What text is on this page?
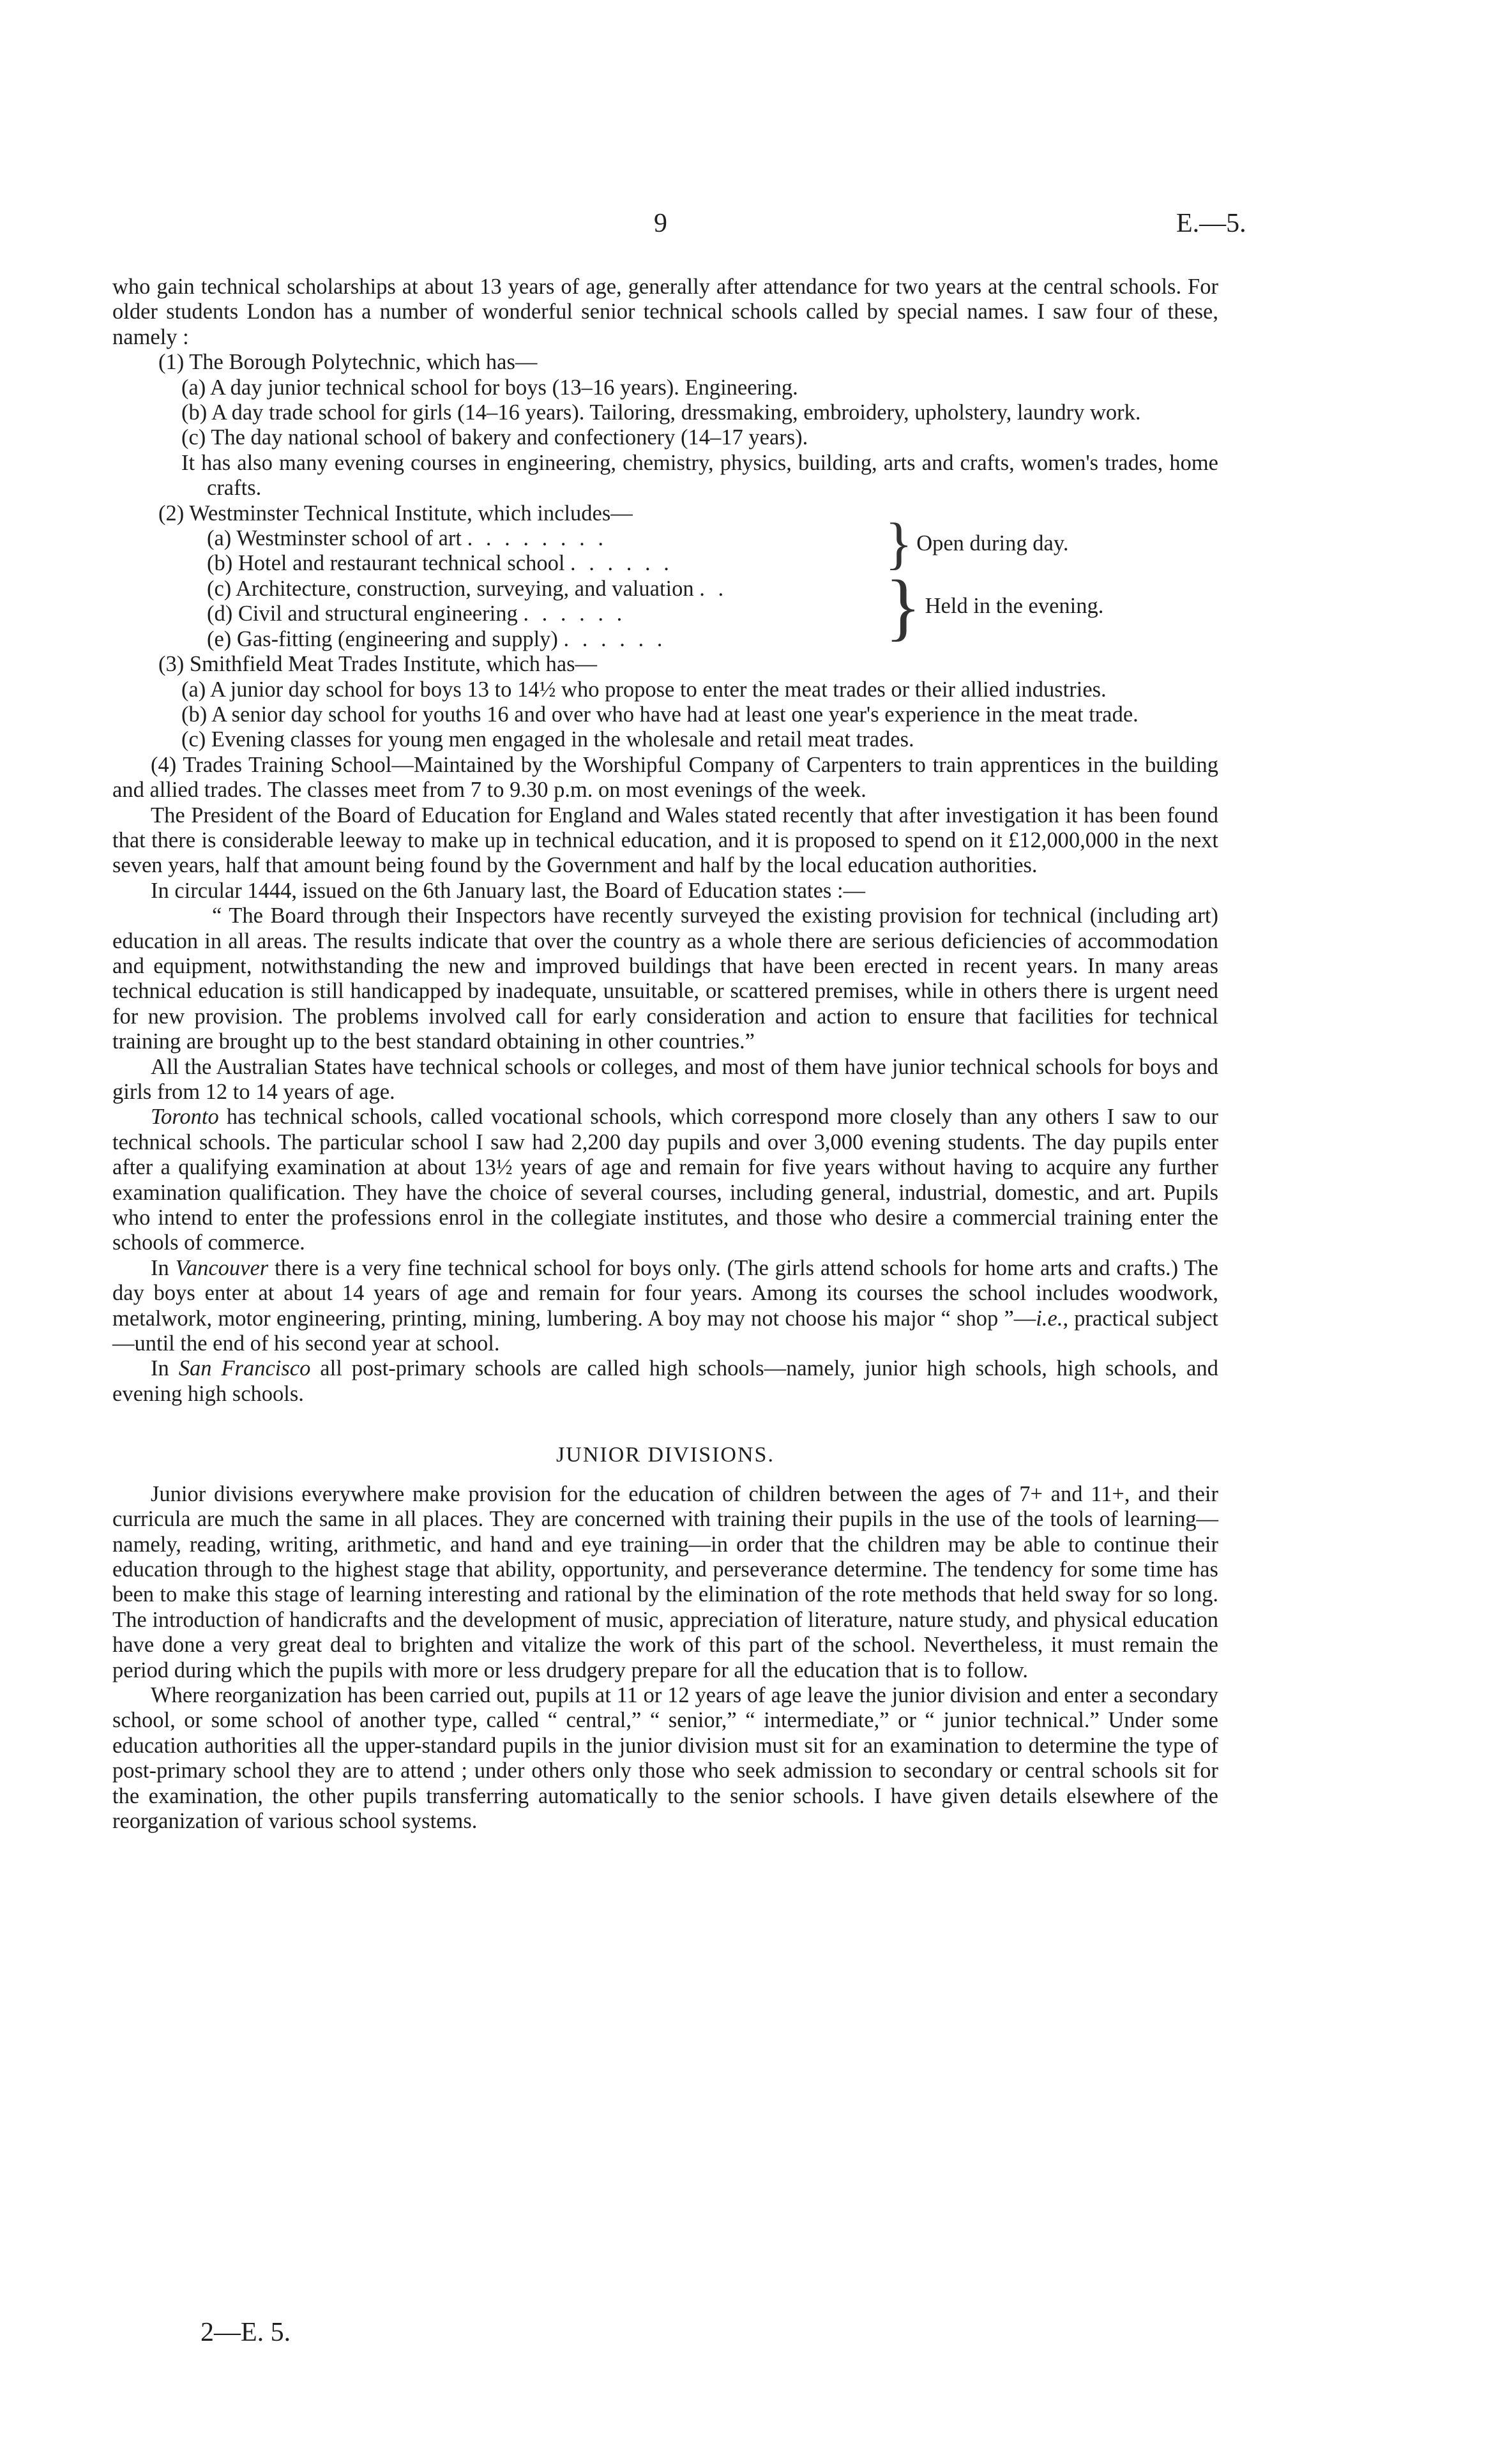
9	E.—5.

who gain technical scholarships at about 13 years of age, generally after attendance for two years at the central schools. For older students London has a number of wonderful senior technical schools called by special names. I saw four of these, namely :

(1) The Borough Polytechnic, which has—

(a) A day junior technical school for boys (13–16 years). Engineering.

(b) A day trade school for girls (14–16 years). Tailoring, dressmaking, embroidery, upholstery, laundry work.

(c) The day national school of bakery and confectionery (14–17 years).

It has also many evening courses in engineering, chemistry, physics, building, arts and crafts, women's trades, home crafts.

(2) Westminster Technical Institute, which includes—

(a) Westminster school of art . . . . . . . .
(b) Hotel and restaurant technical school . . . . . .
(c) Architecture, construction, surveying, and valuation . .
(d) Civil and structural engineering . . . . . .
(e) Gas-fitting (engineering and supply) . . . . . .
} Open during day.
} Held in the evening.

(3) Smithfield Meat Trades Institute, which has—

(a) A junior day school for boys 13 to 14½ who propose to enter the meat trades or their allied industries.

(b) A senior day school for youths 16 and over who have had at least one year's experience in the meat trade.

(c) Evening classes for young men engaged in the wholesale and retail meat trades.

(4) Trades Training School—Maintained by the Worshipful Company of Carpenters to train apprentices in the building and allied trades. The classes meet from 7 to 9.30 p.m. on most evenings of the week.

The President of the Board of Education for England and Wales stated recently that after investigation it has been found that there is considerable leeway to make up in technical education, and it is proposed to spend on it £12,000,000 in the next seven years, half that amount being found by the Government and half by the local education authorities.

In circular 1444, issued on the 6th January last, the Board of Education states :—

“ The Board through their Inspectors have recently surveyed the existing provision for technical (including art) education in all areas. The results indicate that over the country as a whole there are serious deficiencies of accommodation and equipment, notwithstanding the new and improved buildings that have been erected in recent years. In many areas technical education is still handicapped by inadequate, unsuitable, or scattered premises, while in others there is urgent need for new provision. The problems involved call for early consideration and action to ensure that facilities for technical training are brought up to the best standard obtaining in other countries.”

All the Australian States have technical schools or colleges, and most of them have junior technical schools for boys and girls from 12 to 14 years of age.

Toronto has technical schools, called vocational schools, which correspond more closely than any others I saw to our technical schools. The particular school I saw had 2,200 day pupils and over 3,000 evening students. The day pupils enter after a qualifying examination at about 13½ years of age and remain for five years without having to acquire any further examination qualification. They have the choice of several courses, including general, industrial, domestic, and art. Pupils who intend to enter the professions enrol in the collegiate institutes, and those who desire a commercial training enter the schools of commerce.

In Vancouver there is a very fine technical school for boys only. (The girls attend schools for home arts and crafts.) The day boys enter at about 14 years of age and remain for four years. Among its courses the school includes woodwork, metalwork, motor engineering, printing, mining, lumbering. A boy may not choose his major “ shop ”—i.e., practical subject—until the end of his second year at school.

In San Francisco all post-primary schools are called high schools—namely, junior high schools, high schools, and evening high schools.

JUNIOR DIVISIONS.

Junior divisions everywhere make provision for the education of children between the ages of 7+ and 11+, and their curricula are much the same in all places. They are concerned with training their pupils in the use of the tools of learning—namely, reading, writing, arithmetic, and hand and eye training—in order that the children may be able to continue their education through to the highest stage that ability, opportunity, and perseverance determine. The tendency for some time has been to make this stage of learning interesting and rational by the elimination of the rote methods that held sway for so long. The introduction of handicrafts and the development of music, appreciation of literature, nature study, and physical education have done a very great deal to brighten and vitalize the work of this part of the school. Nevertheless, it must remain the period during which the pupils with more or less drudgery prepare for all the education that is to follow.

Where reorganization has been carried out, pupils at 11 or 12 years of age leave the junior division and enter a secondary school, or some school of another type, called “ central,” “ senior,” “ intermediate,” or “ junior technical.” Under some education authorities all the upper-standard pupils in the junior division must sit for an examination to determine the type of post-primary school they are to attend ; under others only those who seek admission to secondary or central schools sit for the examination, the other pupils transferring automatically to the senior schools. I have given details elsewhere of the reorganization of various school systems.

2—E. 5.
